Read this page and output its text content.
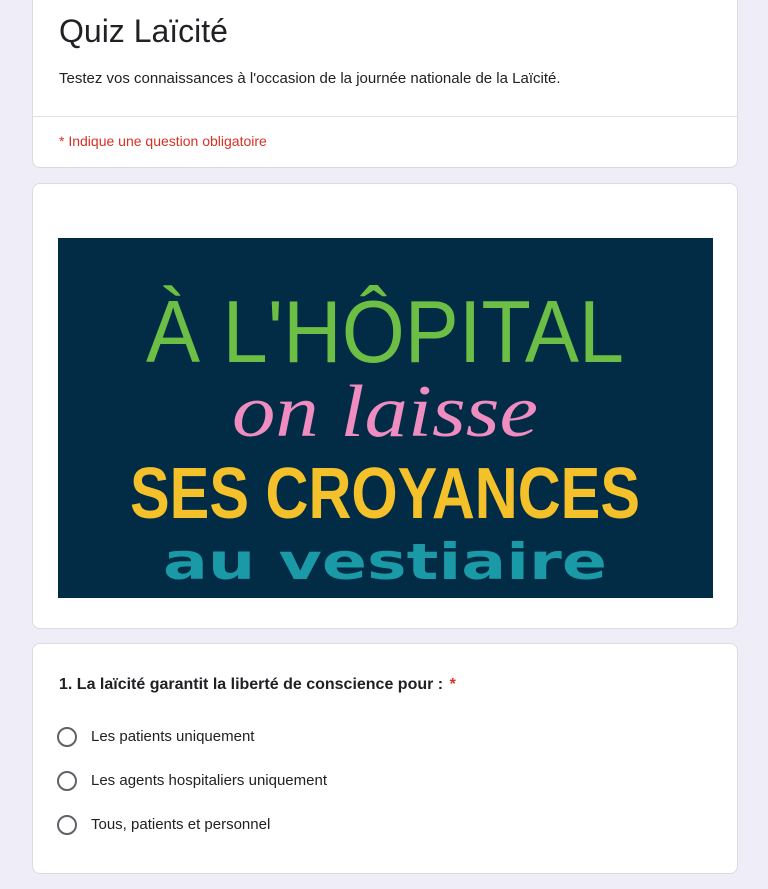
Quiz Laïcité

Testez vos connaissances à l'occasion de la journée nationale de la Laïcité.

* Indique une question obligatoire
À L'HÔPITAL
on laisse
SES CROYANCES
au vestiaire
1. La laïcité garantit la liberté de conscience pour : *
Les patients uniquement
Les agents hospitaliers uniquement
Tous, patients et personnel
